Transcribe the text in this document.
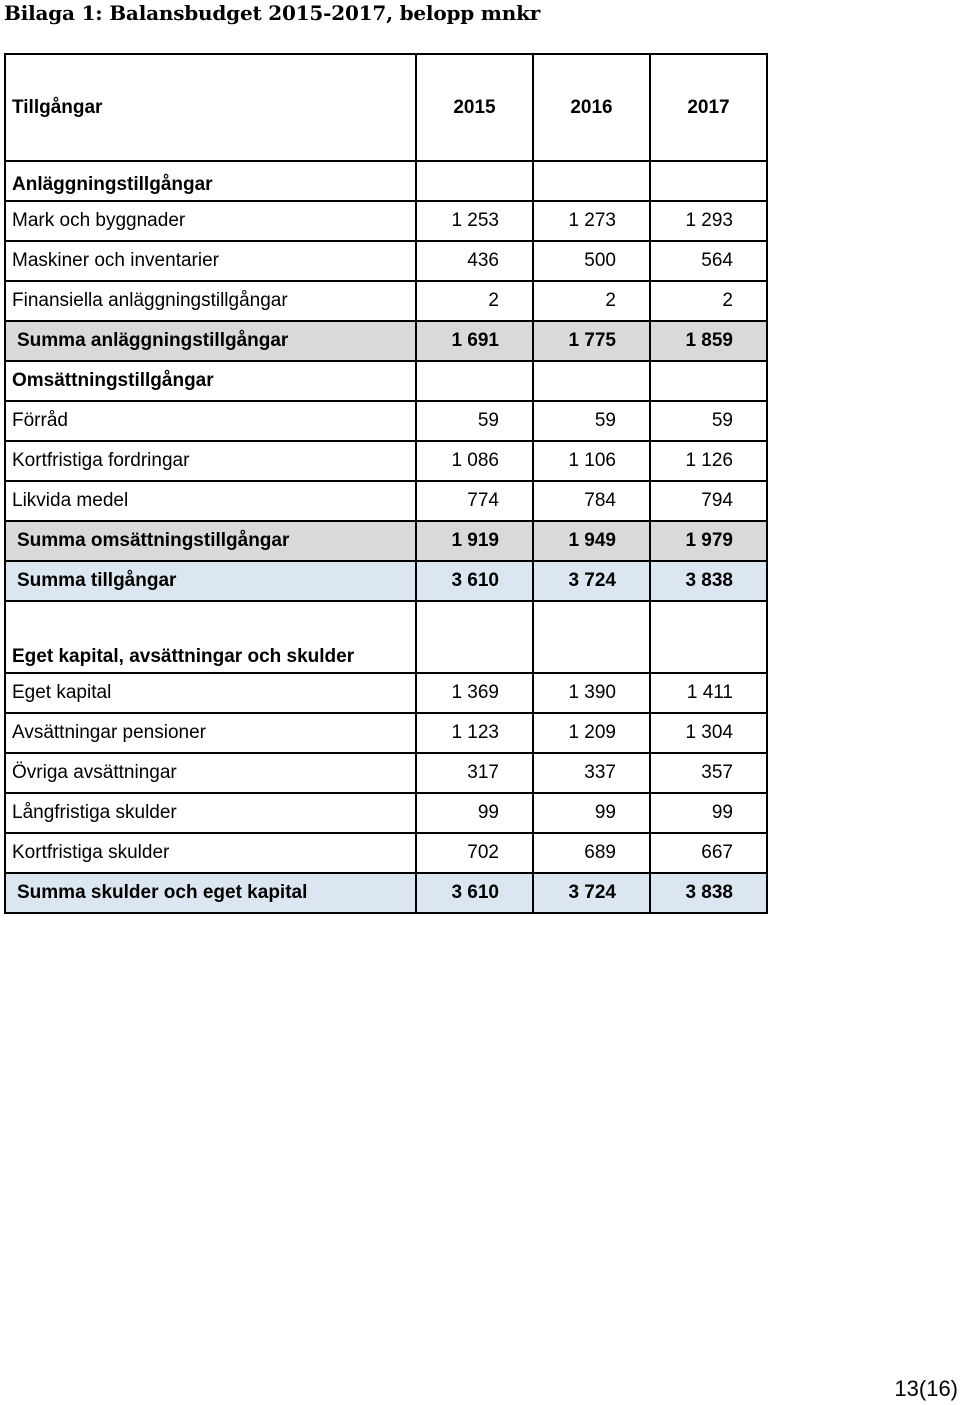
Bilaga 1: Balansbudget 2015-2017, belopp mnkr
Tillgångar	2015	2016	2017
Anläggningstillgångar			
Mark och byggnader	1 253	1 273	1 293
Maskiner och inventarier	436	500	564
Finansiella anläggningstillgångar	2	2	2
Summa anläggningstillgångar	1 691	1 775	1 859
Omsättningstillgångar			
Förråd	59	59	59
Kortfristiga fordringar	1 086	1 106	1 126
Likvida medel	774	784	794
Summa omsättningstillgångar	1 919	1 949	1 979
Summa tillgångar	3 610	3 724	3 838
Eget kapital, avsättningar och skulder			
Eget kapital	1 369	1 390	1 411
Avsättningar pensioner	1 123	1 209	1 304
Övriga avsättningar	317	337	357
Långfristiga skulder	99	99	99
Kortfristiga skulder	702	689	667
Summa skulder och eget kapital	3 610	3 724	3 838
13(16)
